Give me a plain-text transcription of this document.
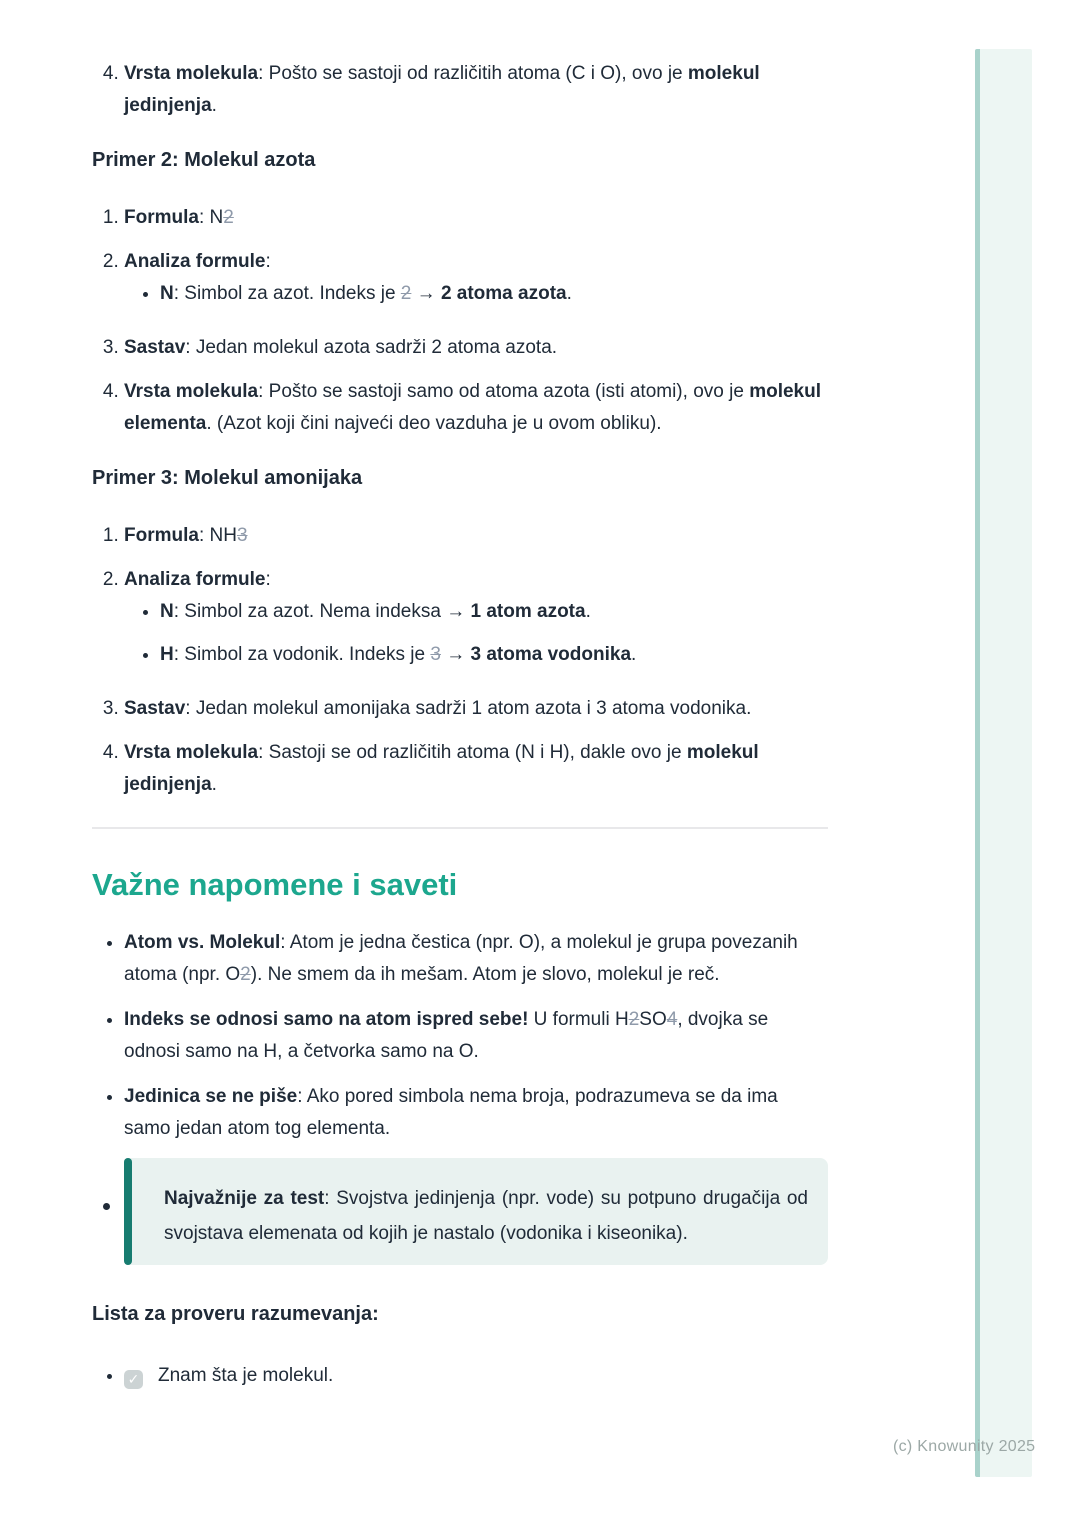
(c) Knowunity 2025
4. Vrsta molekula: Pošto se sastoji od različitih atoma (C i O), ovo je molekul jedinjenja.
Primer 2: Molekul azota
1. Formula: N2
2. Analiza formule:
• N: Simbol za azot. Indeks je 2 → 2 atoma azota.
3. Sastav: Jedan molekul azota sadrži 2 atoma azota.
4. Vrsta molekula: Pošto se sastoji samo od atoma azota (isti atomi), ovo je molekul elementa. (Azot koji čini najveći deo vazduha je u ovom obliku).
Primer 3: Molekul amonijaka
1. Formula: NH3
2. Analiza formule:
• N: Simbol za azot. Nema indeksa → 1 atom azota.
• H: Simbol za vodonik. Indeks je 3 → 3 atoma vodonika.
3. Sastav: Jedan molekul amonijaka sadrži 1 atom azota i 3 atoma vodonika.
4. Vrsta molekula: Sastoji se od različitih atoma (N i H), dakle ovo je molekul jedinjenja.
Važne napomene i saveti
• Atom vs. Molekul: Atom je jedna čestica (npr. O), a molekul je grupa povezanih atoma (npr. O2). Ne smem da ih mešam. Atom je slovo, molekul je reč.
• Indeks se odnosi samo na atom ispred sebe! U formuli H2SO4, dvojka se odnosi samo na H, a četvorka samo na O.
• Jedinica se ne piše: Ako pored simbola nema broja, podrazumeva se da ima samo jedan atom tog elementa.
Najvažnije za test: Svojstva jedinjenja (npr. vode) su potpuno drugačija od svojstava elemenata od kojih je nastalo (vodonika i kiseonika).
Lista za proveru razumevanja:
• ✓ Znam šta je molekul.
